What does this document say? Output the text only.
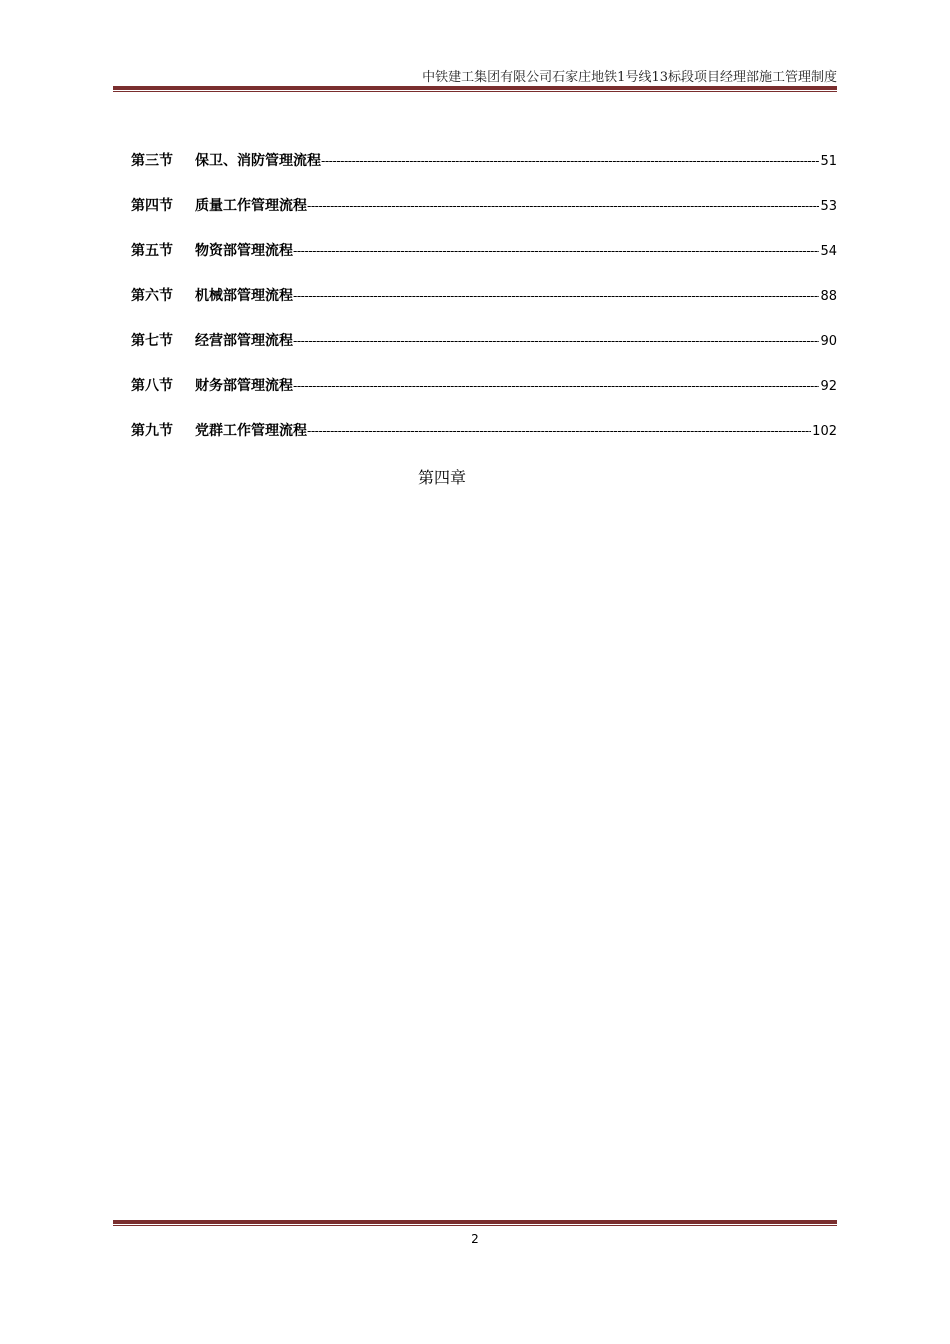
中铁建工集团有限公司石家庄地铁1号线13标段项目经理部施工管理制度
第三节	保卫、消防管理流程 -----	51
第四节	质量工作管理流程 -----	53
第五节	物资部管理流程 -----	54
第六节	机械部管理流程 -----	88
第七节	经营部管理流程 -----	90
第八节	财务部管理流程 -----	92
第九节	党群工作管理流程 -----	102
第四章
2
